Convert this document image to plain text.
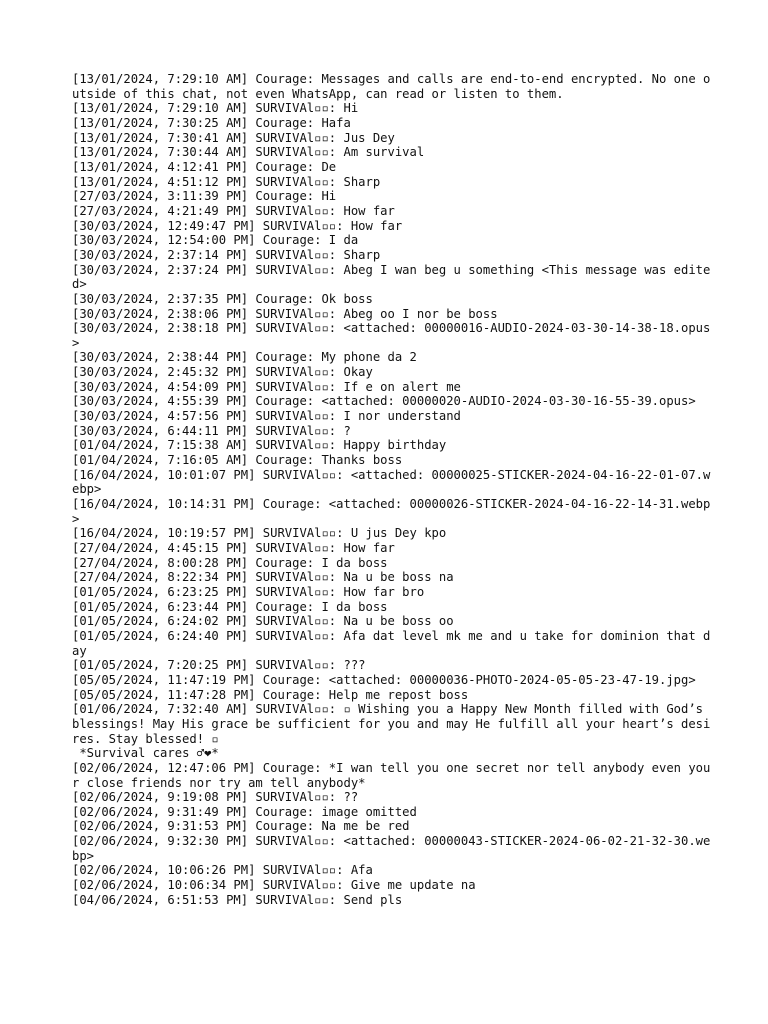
[13/01/2024, 7:29:10 AM] Courage: Messages and calls are end-to-end encrypted. No one outside of this chat, not even WhatsApp, can read or listen to them.
[13/01/2024, 7:29:10 AM] SURVIVAl▫▫: Hi
[13/01/2024, 7:30:25 AM] Courage: Hafa
[13/01/2024, 7:30:41 AM] SURVIVAl▫▫: Jus Dey
[13/01/2024, 7:30:44 AM] SURVIVAl▫▫: Am survival
[13/01/2024, 4:12:41 PM] Courage: De
[13/01/2024, 4:51:12 PM] SURVIVAl▫▫: Sharp
[27/03/2024, 3:11:39 PM] Courage: Hi
[27/03/2024, 4:21:49 PM] SURVIVAl▫▫: How far
[30/03/2024, 12:49:47 PM] SURVIVAl▫▫: How far
[30/03/2024, 12:54:00 PM] Courage: I da
[30/03/2024, 2:37:14 PM] SURVIVAl▫▫: Sharp
[30/03/2024, 2:37:24 PM] SURVIVAl▫▫: Abeg I wan beg u something <This message was edited>
[30/03/2024, 2:37:35 PM] Courage: Ok boss
[30/03/2024, 2:38:06 PM] SURVIVAl▫▫: Abeg oo I nor be boss
[30/03/2024, 2:38:18 PM] SURVIVAl▫▫: <attached: 00000016-AUDIO-2024-03-30-14-38-18.opus>
[30/03/2024, 2:38:44 PM] Courage: My phone da 2
[30/03/2024, 2:45:32 PM] SURVIVAl▫▫: Okay
[30/03/2024, 4:54:09 PM] SURVIVAl▫▫: If e on alert me
[30/03/2024, 4:55:39 PM] Courage: <attached: 00000020-AUDIO-2024-03-30-16-55-39.opus>
[30/03/2024, 4:57:56 PM] SURVIVAl▫▫: I nor understand
[30/03/2024, 6:44:11 PM] SURVIVAl▫▫: ?
[01/04/2024, 7:15:38 AM] SURVIVAl▫▫: Happy birthday
[01/04/2024, 7:16:05 AM] Courage: Thanks boss
[16/04/2024, 10:01:07 PM] SURVIVAl▫▫: <attached: 00000025-STICKER-2024-04-16-22-01-07.webp>
[16/04/2024, 10:14:31 PM] Courage: <attached: 00000026-STICKER-2024-04-16-22-14-31.webp>
[16/04/2024, 10:19:57 PM] SURVIVAl▫▫: U jus Dey kpo
[27/04/2024, 4:45:15 PM] SURVIVAl▫▫: How far
[27/04/2024, 8:00:28 PM] Courage: I da boss
[27/04/2024, 8:22:34 PM] SURVIVAl▫▫: Na u be boss na
[01/05/2024, 6:23:25 PM] SURVIVAl▫▫: How far bro
[01/05/2024, 6:23:44 PM] Courage: I da boss
[01/05/2024, 6:24:02 PM] SURVIVAl▫▫: Na u be boss oo
[01/05/2024, 6:24:40 PM] SURVIVAl▫▫: Afa dat level mk me and u take for dominion that day
[01/05/2024, 7:20:25 PM] SURVIVAl▫▫: ???
[05/05/2024, 11:47:19 PM] Courage: <attached: 00000036-PHOTO-2024-05-05-23-47-19.jpg>
[05/05/2024, 11:47:28 PM] Courage: Help me repost boss
[01/06/2024, 7:32:40 AM] SURVIVAl▫▫: ▫ Wishing you a Happy New Month filled with God’s blessings! May His grace be sufficient for you and may He fulfill all your heart’s desires. Stay blessed! ▫
*Survival cares ♂❤*
[02/06/2024, 12:47:06 PM] Courage: *I wan tell you one secret nor tell anybody even your close friends nor try am tell anybody*
[02/06/2024, 9:19:08 PM] SURVIVAl▫▫: ??
[02/06/2024, 9:31:49 PM] Courage: image omitted
[02/06/2024, 9:31:53 PM] Courage: Na me be red
[02/06/2024, 9:32:30 PM] SURVIVAl▫▫: <attached: 00000043-STICKER-2024-06-02-21-32-30.webp>
[02/06/2024, 10:06:26 PM] SURVIVAl▫▫: Afa
[02/06/2024, 10:06:34 PM] SURVIVAl▫▫: Give me update na
[04/06/2024, 6:51:53 PM] SURVIVAl▫▫: Send pls
